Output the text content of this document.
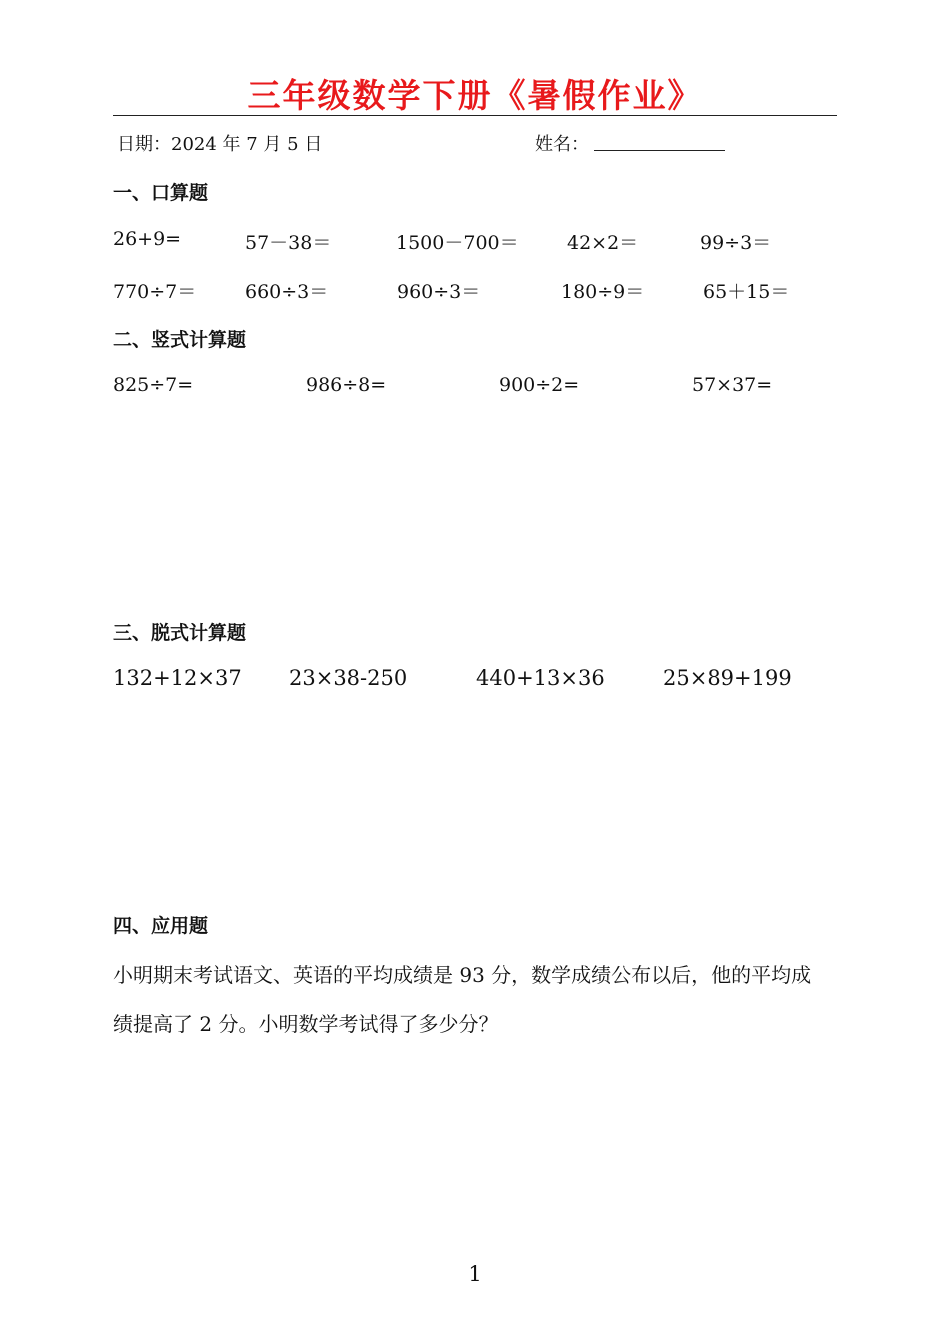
三年级数学下册《暑假作业》
日期：2024 年 7 月 5 日	姓名：
一、口算题
26+9=	57－38＝	1500－700＝	42×2＝	99÷3＝
770÷7＝	660÷3＝	960÷3＝	180÷9＝	65＋15＝
二、竖式计算题
825÷7=	986÷8=	900÷2=	57×37=
三、脱式计算题
132+12×37 23×38-250	440+13×36	25×89+199
四、应用题
小明期末考试语文、英语的平均成绩是 93 分，数学成绩公布以后，他的平均成
绩提高了 2 分。小明数学考试得了多少分？
1
